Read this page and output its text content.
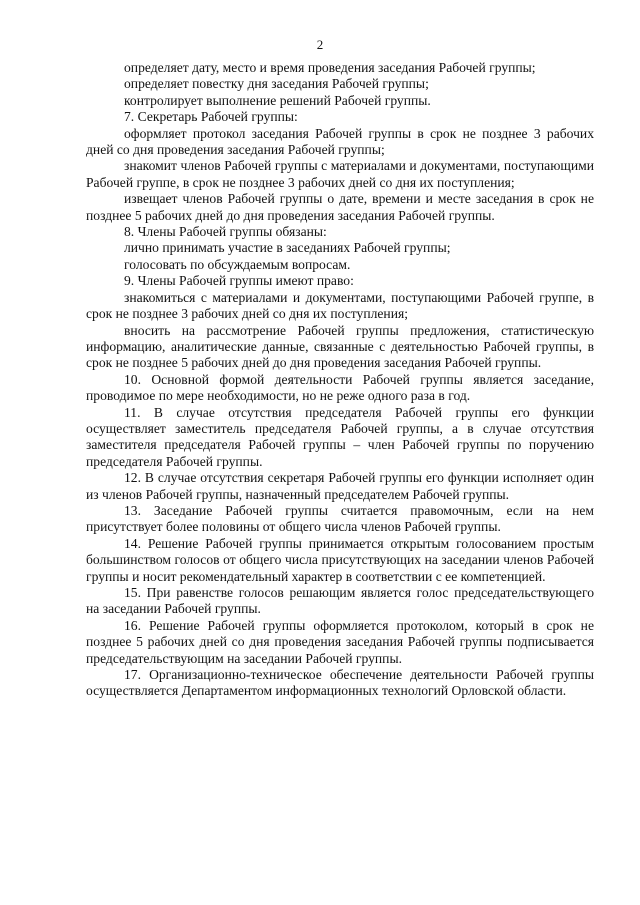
2

определяет дату, место и время проведения заседания Рабочей группы;

определяет повестку дня заседания Рабочей группы;

контролирует выполнение решений Рабочей группы.

7. Секретарь Рабочей группы:

оформляет протокол заседания Рабочей группы в срок не позднее 3 рабочих дней со дня проведения заседания Рабочей группы;

знакомит членов Рабочей группы с материалами и документами, поступающими Рабочей группе, в срок не позднее 3 рабочих дней со дня их поступления;

извещает членов Рабочей группы о дате, времени и месте заседания в срок не позднее 5 рабочих дней до дня проведения заседания Рабочей группы.

8. Члены Рабочей группы обязаны:

лично принимать участие в заседаниях Рабочей группы;

голосовать по обсуждаемым вопросам.

9. Члены Рабочей группы имеют право:

знакомиться с материалами и документами, поступающими Рабочей группе, в срок не позднее 3 рабочих дней со дня их поступления;

вносить на рассмотрение Рабочей группы предложения, статистическую информацию, аналитические данные, связанные с деятельностью Рабочей группы, в срок не позднее 5 рабочих дней до дня проведения заседания Рабочей группы.

10. Основной формой деятельности Рабочей группы является заседание, проводимое по мере необходимости, но не реже одного раза в год.

11. В случае отсутствия председателя Рабочей группы его функции осуществляет заместитель председателя Рабочей группы, а в случае отсутствия заместителя председателя Рабочей группы – член Рабочей группы по поручению председателя Рабочей группы.

12. В случае отсутствия секретаря Рабочей группы его функции исполняет один из членов Рабочей группы, назначенный председателем Рабочей группы.

13. Заседание Рабочей группы считается правомочным, если на нем присутствует более половины от общего числа членов Рабочей группы.

14. Решение Рабочей группы принимается открытым голосованием простым большинством голосов от общего числа присутствующих на заседании членов Рабочей группы и носит рекомендательный характер в соответствии с ее компетенцией.

15. При равенстве голосов решающим является голос председательствующего на заседании Рабочей группы.

16. Решение Рабочей группы оформляется протоколом, который в срок не позднее 5 рабочих дней со дня проведения заседания Рабочей группы подписывается председательствующим на заседании Рабочей группы.

17. Организационно-техническое обеспечение деятельности Рабочей группы осуществляется Департаментом информационных технологий Орловской области.
